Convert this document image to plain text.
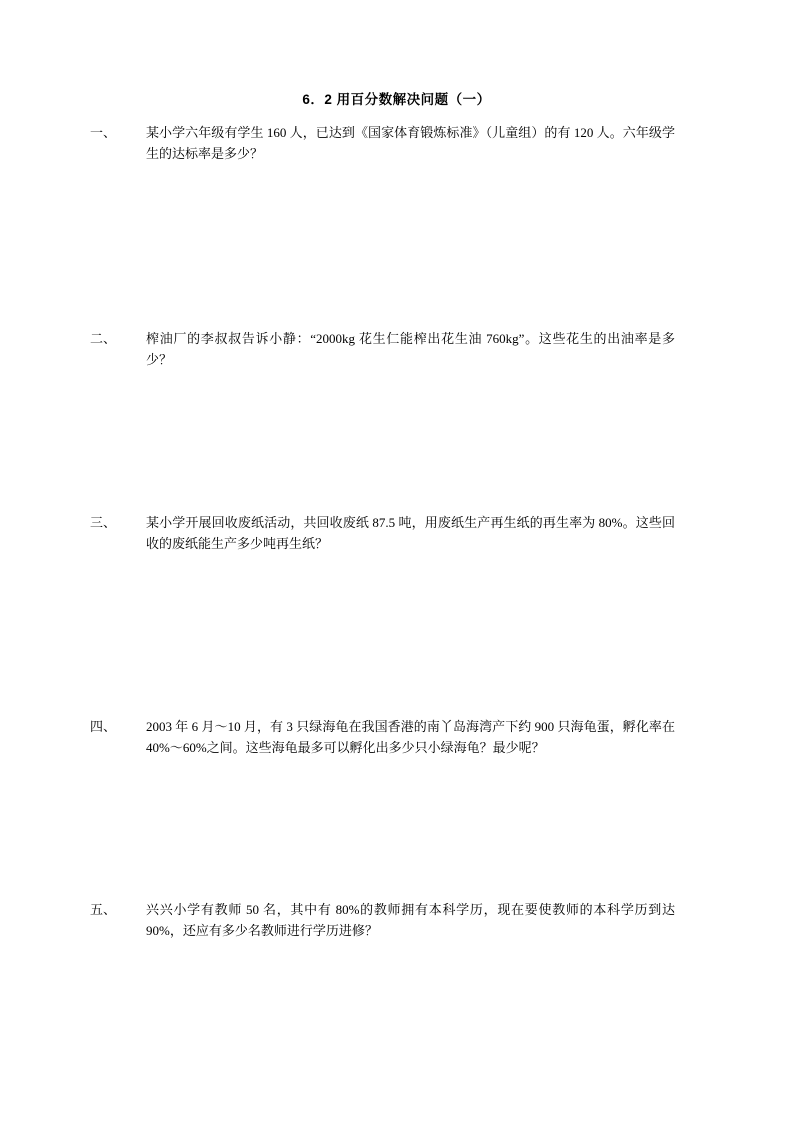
6．2 用百分数解决问题（一）
一、	某小学六年级有学生 160 人，已达到《国家体育锻炼标准》（儿童组）的有 120 人。六年级学生的达标率是多少？
二、	榨油厂的李叔叔告诉小静：“2000kg 花生仁能榨出花生油 760kg”。这些花生的出油率是多少？
三、	某小学开展回收废纸活动，共回收废纸 87.5 吨，用废纸生产再生纸的再生率为 80%。这些回收的废纸能生产多少吨再生纸？
四、	2003 年 6 月～10 月，有 3 只绿海龟在我国香港的南丫岛海湾产下约 900 只海龟蛋，孵化率在 40%～60%之间。这些海龟最多可以孵化出多少只小绿海龟？最少呢？
五、	兴兴小学有教师 50 名，其中有 80%的教师拥有本科学历，现在要使教师的本科学历到达 90%，还应有多少名教师进行学历进修？
